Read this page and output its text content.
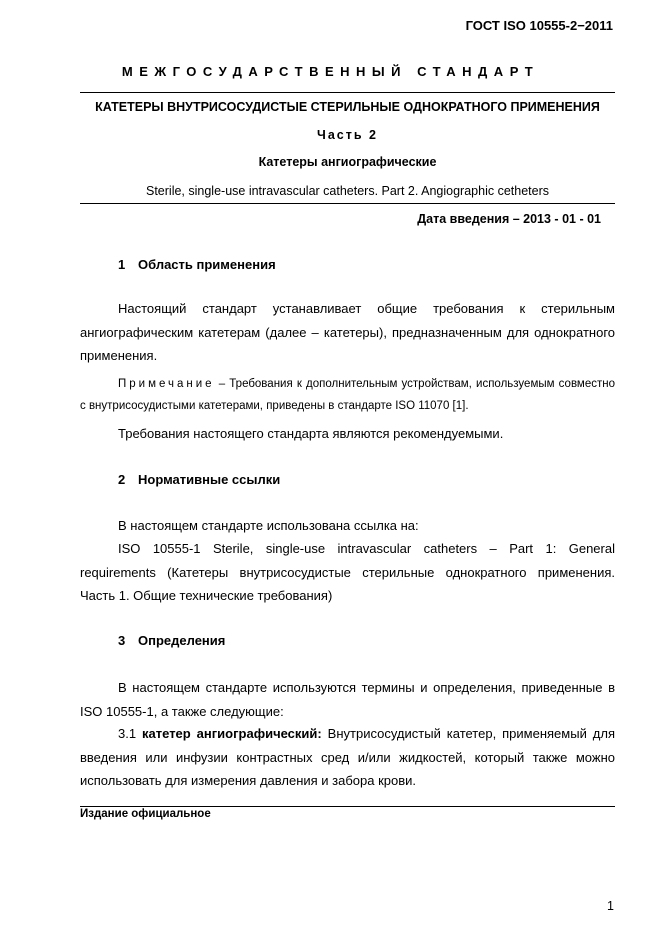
ГОСТ ISO 10555-2−2011
МЕЖГОСУДАРСТВЕННЫЙ СТАНДАРТ
КАТЕТЕРЫ ВНУТРИСОСУДИСТЫЕ СТЕРИЛЬНЫЕ ОДНОКРАТНОГО ПРИМЕНЕНИЯ
Часть 2
Катетеры ангиографические
Sterile, single-use intravascular catheters. Part 2. Angiographic cethеters
Дата введения – 2013 - 01 - 01
1 Область применения

Настоящий стандарт устанавливает общие требования к стерильным ангиографическим катетерам (далее – катетеры), предназначенным для однократного применения.

Примечание – Требования к дополнительным устройствам, используемым совместно с внутрисосудистыми катетерами, приведены в стандарте ISO 11070 [1].

Требования настоящего стандарта являются рекомендуемыми.

2 Нормативные ссылки

В настоящем стандарте использована ссылка на:

ISO 10555-1 Sterile, single-use intravascular catheters – Part 1: General requirements (Катетеры внутрисосудистые стерильные однократного применения. Часть 1. Общие технические требования)

3 Определения

В настоящем стандарте используются термины и определения, приведенные в ISO 10555-1, а также следующие:

3.1 катетер ангиографический: Внутрисосудистый катетер, применяемый для введения или инфузии контрастных сред и/или жидкостей, который также можно использовать для измерения давления и забора крови.

Издание официальное
1
